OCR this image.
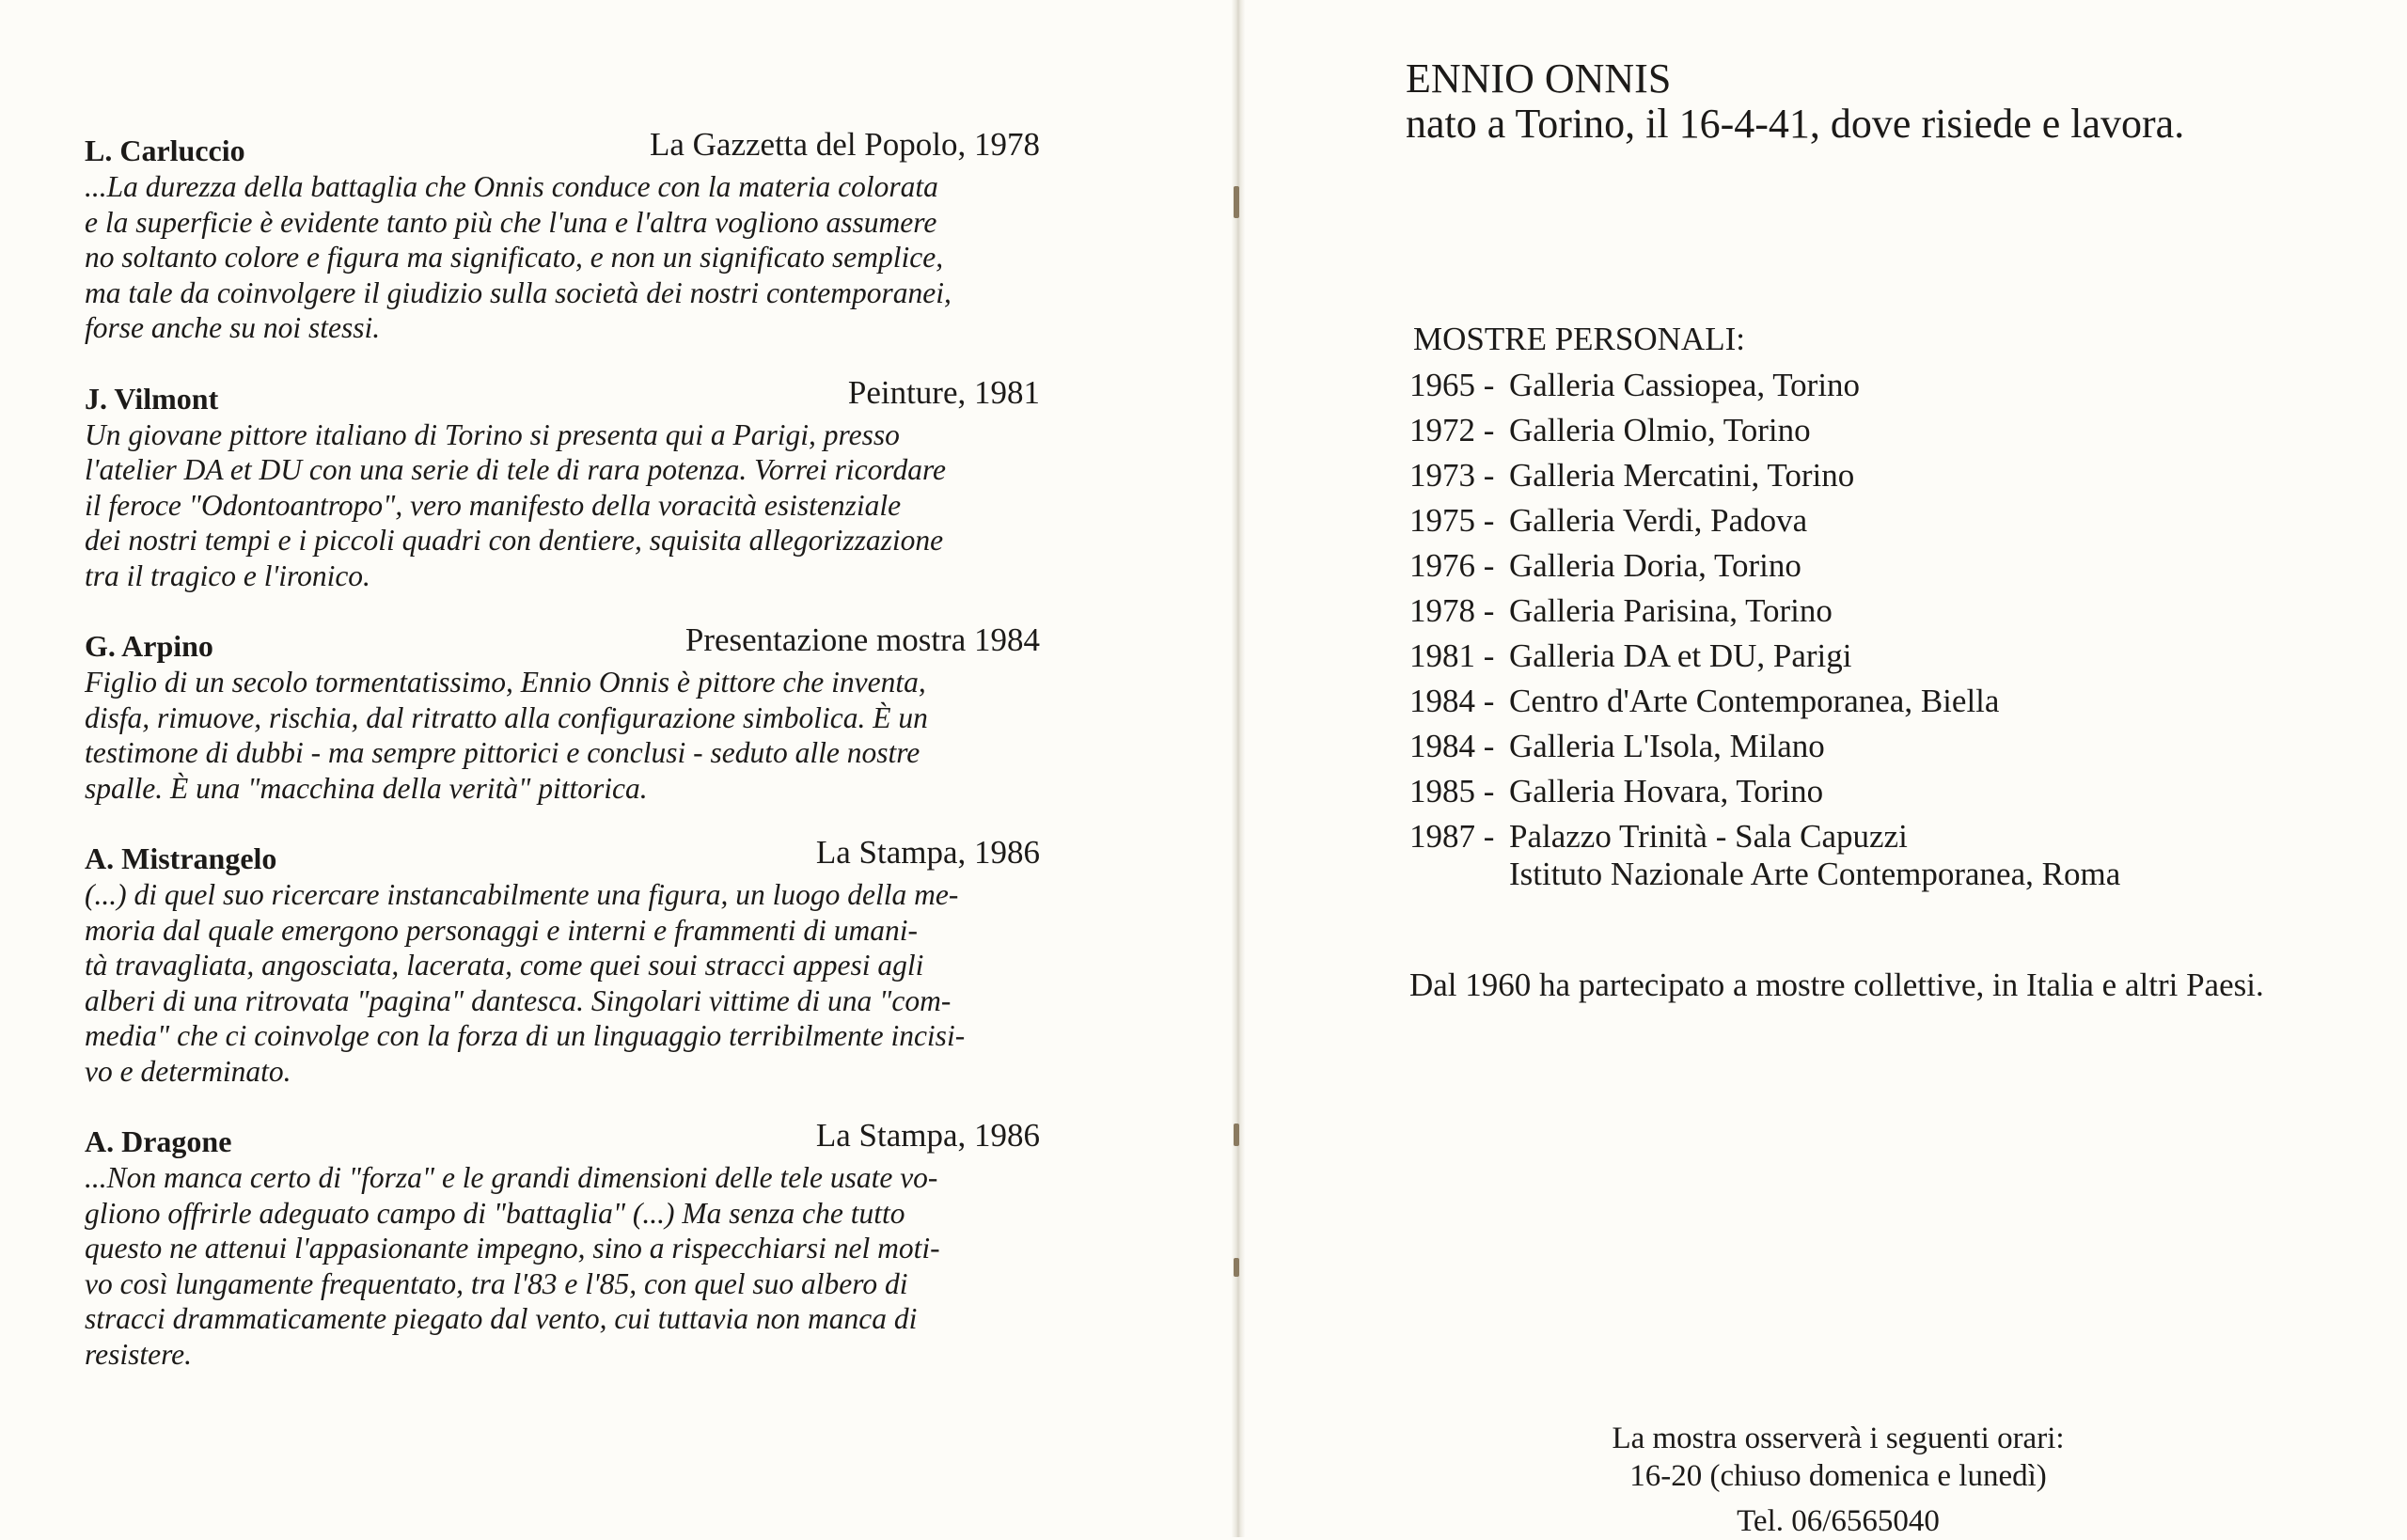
L. Carluccio	La Gazzetta del Popolo, 1978

...La durezza della battaglia che Onnis conduce con la materia colorata

e la superficie è evidente tanto più che l'una e l'altra vogliono assumere

no soltanto colore e figura ma significato, e non un significato semplice,

ma tale da coinvolgere il giudizio sulla società dei nostri contemporanei,

forse anche su noi stessi.

J. Vilmont	Peinture, 1981

Un giovane pittore italiano di Torino si presenta qui a Parigi, presso

l'atelier DA et DU con una serie di tele di rara potenza. Vorrei ricordare

il feroce "Odontoantropo", vero manifesto della voracità esistenziale

dei nostri tempi e i piccoli quadri con dentiere, squisita allegorizzazione

tra il tragico e l'ironico.

G. Arpino	Presentazione mostra 1984

Figlio di un secolo tormentatissimo, Ennio Onnis è pittore che inventa,

disfa, rimuove, rischia, dal ritratto alla configurazione simbolica. È un

testimone di dubbi - ma sempre pittorici e conclusi - seduto alle nostre

spalle. È una "macchina della verità" pittorica.

A. Mistrangelo	La Stampa, 1986

(...) di quel suo ricercare instancabilmente una figura, un luogo della me-

moria dal quale emergono personaggi e interni e frammenti di umani-

tà travagliata, angosciata, lacerata, come quei soui stracci appesi agli

alberi di una ritrovata "pagina" dantesca. Singolari vittime di una "com-

media" che ci coinvolge con la forza di un linguaggio terribilmente incisi-

vo e determinato.

A. Dragone	La Stampa, 1986

...Non manca certo di "forza" e le grandi dimensioni delle tele usate vo-

gliono offrirle adeguato campo di "battaglia" (...) Ma senza che tutto

questo ne attenui l'appasionante impegno, sino a rispecchiarsi nel moti-

vo così lungamente frequentato, tra l'83 e l'85, con quel suo albero di

stracci drammaticamente piegato dal vento, cui tuttavia non manca di

resistere.

ENNIO ONNIS

nato a Torino, il 16-4-41, dove risiede e lavora.

MOSTRE PERSONALI:
1965 - Galleria Cassiopea, Torino
1972 - Galleria Olmio, Torino
1973 - Galleria Mercatini, Torino
1975 - Galleria Verdi, Padova
1976 - Galleria Doria, Torino
1978 - Galleria Parisina, Torino
1981 - Galleria DA et DU, Parigi
1984 - Centro d'Arte Contemporanea, Biella
1984 - Galleria L'Isola, Milano
1985 - Galleria Hovara, Torino
1987 - Palazzo Trinità - Sala Capuzzi
Istituto Nazionale Arte Contemporanea, Roma
Dal 1960 ha partecipato a mostre collettive, in Italia e altri Paesi.
La mostra osserverà i seguenti orari:
16-20 (chiuso domenica e lunedì)
Tel. 06/6565040
